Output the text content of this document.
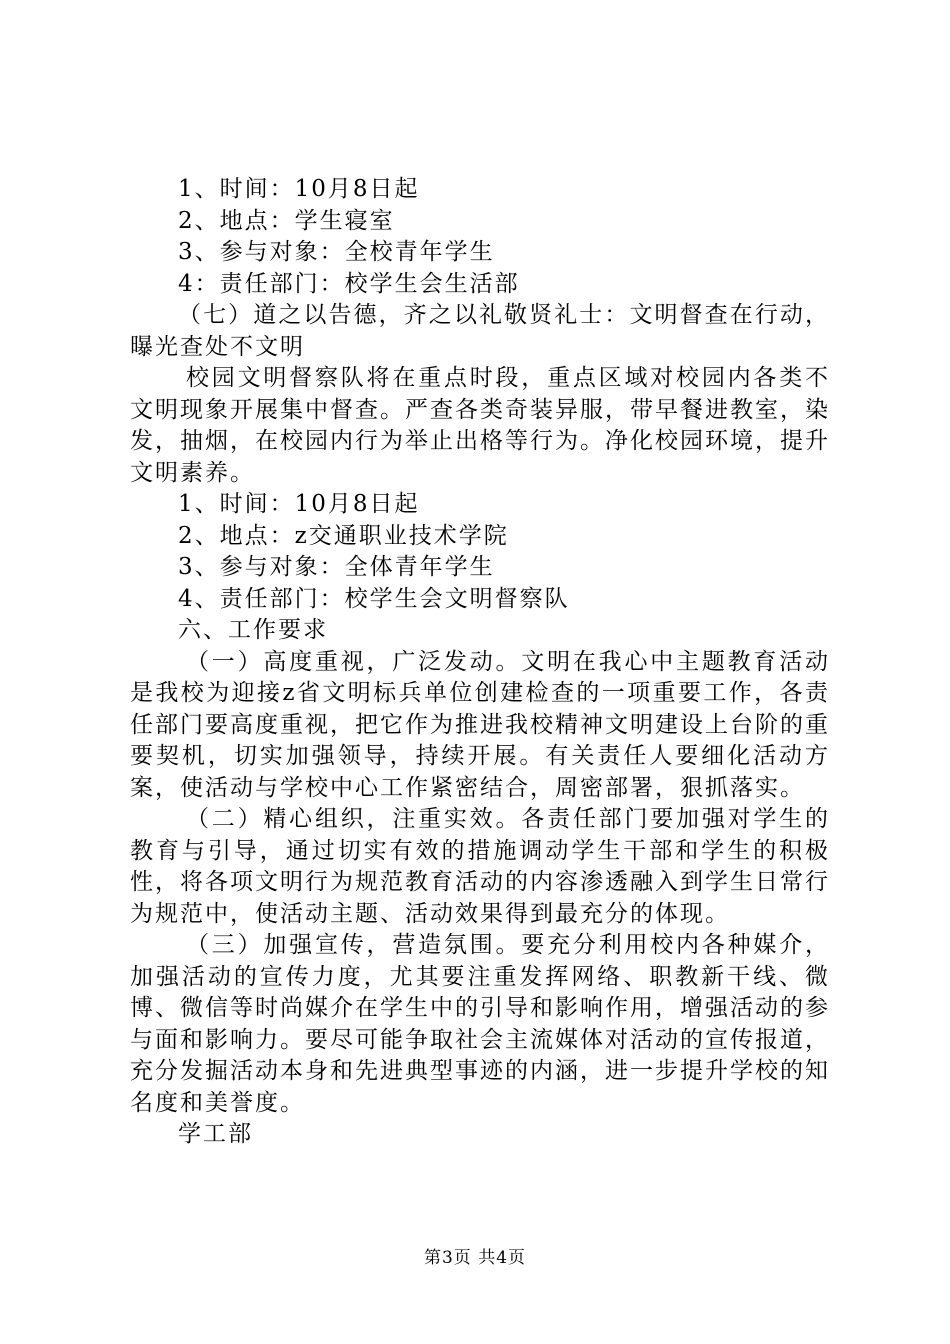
1、时间：10月8日起

2、地点：学生寝室

3、参与对象：全校青年学生

4：责任部门：校学生会生活部

（七）道之以告德，齐之以礼敬贤礼士：文明督查在行动，曝光查处不文明

校园文明督察队将在重点时段，重点区域对校园内各类不文明现象开展集中督查。严查各类奇装异服，带早餐进教室，染发，抽烟，在校园内行为举止出格等行为。净化校园环境，提升文明素养。

1、时间：10月8日起

2、地点：z交通职业技术学院

3、参与对象：全体青年学生

4、责任部门：校学生会文明督察队

六、工作要求

（一）高度重视，广泛发动。文明在我心中主题教育活动是我校为迎接z省文明标兵单位创建检查的一项重要工作，各责任部门要高度重视，把它作为推进我校精神文明建设上台阶的重要契机，切实加强领导，持续开展。有关责任人要细化活动方案，使活动与学校中心工作紧密结合，周密部署，狠抓落实。

（二）精心组织，注重实效。各责任部门要加强对学生的教育与引导，通过切实有效的措施调动学生干部和学生的积极性，将各项文明行为规范教育活动的内容渗透融入到学生日常行为规范中，使活动主题、活动效果得到最充分的体现。

（三）加强宣传，营造氛围。要充分利用校内各种媒介，加强活动的宣传力度，尤其要注重发挥网络、职教新干线、微博、微信等时尚媒介在学生中的引导和影响作用，增强活动的参与面和影响力。要尽可能争取社会主流媒体对活动的宣传报道，充分发掘活动本身和先进典型事迹的内涵，进一步提升学校的知名度和美誉度。

学工部

第3页 共4页
